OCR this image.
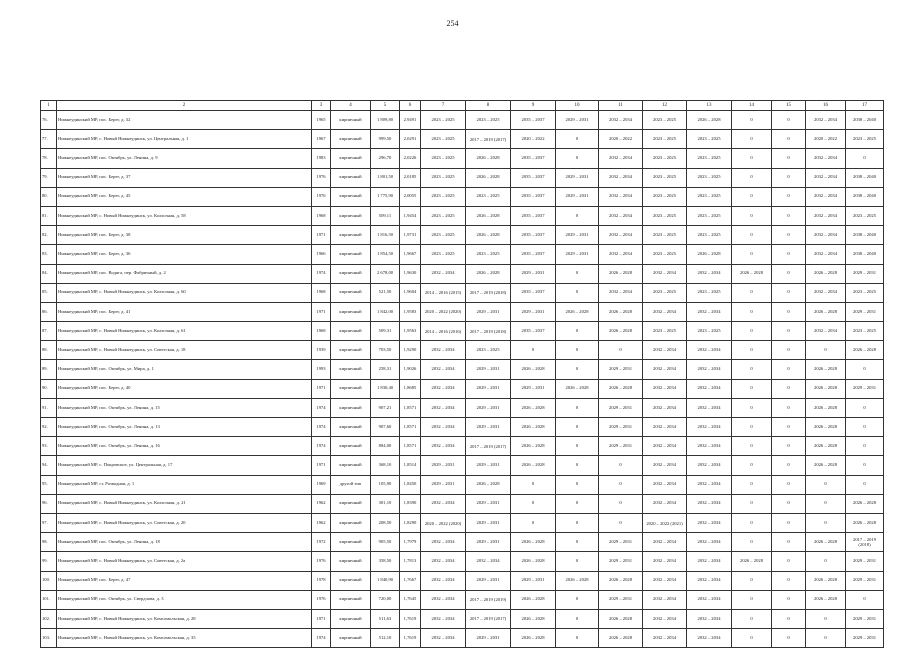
254
1	2	3	4	5	6	7	8	9	10	11	12	13	14	15	16	17
76.	Нижнеудинский МР, пос. Берег, д. 32	1965	кирпичный	1 809,80	2,9491	2023 – 2025	2023 – 2025	2035 – 2037	2029 – 2031	2032 – 2034	2023 – 2025	2026 – 2028	0	0	2032 – 2034	2038 – 2040
77.	Нижнеудинский МР, с. Новый Нижнеудинск, ул. Центральная, д. 1	1967	кирпичный	999,50	2,0291	2023 – 2025	2017 – 2019 (2017)	2020 – 2022	0	2020 – 2022	2023 – 2025	2023 – 2025	0	0	2020 – 2022	2023 – 2025
78.	Нижнеудинский МР, пос. Октябрь, ул. Ленина, д. 9	1983	кирпичный	296,70	2,0226	2023 – 2025	2026 – 2028	2035 – 2037	0	2032 – 2034	2023 – 2025	2023 – 2025	0	0	2032 – 2034	0
79.	Нижнеудинский МР, пос. Берег, д. 37	1976	кирпичный	1 801,50	2,0185	2023 – 2025	2026 – 2028	2035 – 2037	2029 – 2031	2032 – 2034	2023 – 2025	2023 – 2025	0	0	2032 – 2034	2038 – 2040
80.	Нижнеудинский МР, пос. Берег, д. 45	1976	кирпичный	1 775,90	2,0055	2023 – 2025	2023 – 2025	2035 – 2037	2029 – 2031	2032 – 2034	2023 – 2025	2023 – 2025	0	0	2032 – 2034	2038 – 2040
81.	Нижнеудинский МР, с. Новый Нижнеудинск, ул. Колхозная, д. 58	1968	кирпичный	509,11	1,9454	2023 – 2025	2026 – 2028	2035 – 2037	0	2032 – 2034	2023 – 2025	2023 – 2025	0	0	2032 – 2034	2023 – 2025
82.	Нижнеудинский МР, пос. Берег, д. 38	1971	кирпичный	1 816,50	1,9731	2023 – 2025	2026 – 2028	2035 – 2037	2029 – 2031	2032 – 2034	2023 – 2025	2023 – 2025	0	0	2032 – 2034	2038 – 2040
83.	Нижнеудинский МР, пос. Берег, д. 36	1966	кирпичный	1 854,50	1,9667	2023 – 2025	2023 – 2025	2035 – 2037	2029 – 2031	2032 – 2034	2023 – 2025	2026 – 2028	0	0	2032 – 2034	2038 – 2040
84.	Нижнеудинский МР, пос. Водяга, пер. Фабричный, д. 2	1974	кирпичный	2 678,00	1,9630	2032 – 2034	2026 – 2028	2029 – 2031	0	2026 – 2028	2032 – 2034	2032 – 2034	2026 – 2028	0	2026 – 2028	2029 – 2031
85.	Нижнеудинский МР, с. Новый Нижнеудинск, ул. Колхозная, д. 60	1968	кирпичный	521,50	1,9604	2014 – 2016 (2015)	2017 – 2019 (2018)	2035 – 2037	0	2032 – 2034	2023 – 2025	2023 – 2025	0	0	2032 – 2034	2023 – 2025
86.	Нижнеудинский МР, пос. Берег, д. 41	1971	кирпичный	1 842,00	1,9583	2020 – 2022 (2020)	2029 – 2031	2029 – 2031	2026 – 2028	2026 – 2028	2032 – 2034	2032 – 2034	0	0	2026 – 2028	2029 – 2031
87.	Нижнеудинский МР, с. Новый Нижнеудинск, ул. Колхозная, д. 61	1968	кирпичный	509,31	1,9563	2014 – 2016 (2016)	2017 – 2019 (2018)	2035 – 2037	0	2026 – 2028	2023 – 2025	2023 – 2025	0	0	2032 – 2034	2023 – 2025
88.	Нижнеудинский МР, с. Новый Нижнеудинск, ул. Советская, д. 18	1939	кирпичный	703,50	1,9290	2032 – 2034	2023 – 2025	0	0	0	2032 – 2034	2032 – 2034	0	0	0	2026 – 2028
89.	Нижнеудинский МР, пос. Октябрь, ул. Мира, д. 1	1993	кирпичный	258,31	1,9026	2032 – 2034	2029 – 2031	2026 – 2028	0	2029 – 2031	2032 – 2034	2032 – 2034	0	0	2026 – 2028	0
90.	Нижнеудинский МР, пос. Берег, д. 40	1971	кирпичный	1 830,40	1,8685	2032 – 2034	2029 – 2031	2029 – 2031	2026 – 2028	2026 – 2028	2032 – 2034	2032 – 2034	0	0	2026 – 2028	2029 – 2031
91.	Нижнеудинский МР, пос. Октябрь, ул. Ленина, д. 15	1974	кирпичный	907,21	1,8571	2032 – 2034	2029 – 2031	2026 – 2028	0	2029 – 2031	2032 – 2034	2032 – 2034	0	0	2026 – 2028	0
92.	Нижнеудинский МР, пос. Октябрь, ул. Ленина, д. 13	1974	кирпичный	907,60	1,8571	2032 – 2034	2029 – 2031	2026 – 2028	0	2029 – 2031	2032 – 2034	2032 – 2034	0	0	2026 – 2028	0
93.	Нижнеудинский МР, пос. Октябрь, ул. Ленина, д. 16	1974	кирпичный	884,00	1,8571	2032 – 2034	2017 – 2019 (2017)	2026 – 2028	0	2029 – 2031	2032 – 2034	2032 – 2034	0	0	2026 – 2028	0
94.	Нижнеудинский МР, с. Покровское, ул. Центральная, д. 17	1971	кирпичный	368,10	1,8514	2029 – 2031	2029 – 2031	2026 – 2028	0	0	2032 – 2034	2032 – 2034	0	0	2026 – 2028	0
95.	Нижнеудинский МР, ст. Разводная, д. 1	1969	другой тип	105,90	1,8450	2029 – 2031	2026 – 2028	0	0	0	2032 – 2034	2032 – 2034	0	0	0	0
96.	Нижнеудинский МР, с. Новый Нижнеудинск, ул. Колхозная, д. 21	1962	кирпичный	301,10	1,8390	2032 – 2034	2029 – 2031	0	0	0	2032 – 2034	2032 – 2034	0	0	0	2026 – 2028
97.	Нижнеудинский МР, с. Новый Нижнеудинск, ул. Советская, д. 20	1962	кирпичный	208,50	1,8290	2020 – 2022 (2020)	2029 – 2031	0	0	0	2020 – 2022 (2021)	2032 – 2034	0	0	0	2026 – 2028
98.	Нижнеудинский МР, пос. Октябрь, ул. Ленина, д. 18	1972	кирпичный	905,50	1,7979	2032 – 2034	2029 – 2031	2026 – 2028	0	2029 – 2031	2032 – 2034	2032 – 2034	0	0	2026 – 2028	2017 – 2019 (2018)
99.	Нижнеудинский МР, с. Новый Нижнеудинск, ул. Советская, д. 2а	1976	кирпичный	358,50	1,7813	2032 – 2034	2032 – 2034	2026 – 2028	0	2029 – 2031	2032 – 2034	2032 – 2034	2026 – 2028	0	0	2029 – 2031
100.	Нижнеудинский МР, пос. Берег, д. 47	1978	кирпичный	1 840,90	1,7667	2032 – 2034	2029 – 2031	2029 – 2031	2026 – 2028	2026 – 2028	2032 – 2034	2032 – 2034	0	0	2026 – 2028	2029 – 2031
101.	Нижнеудинский МР, пос. Октябрь, ул. Свердлова, д. 3	1976	кирпичный	720,00	1,7645	2032 – 2034	2017 – 2019 (2019)	2026 – 2028	0	2029 – 2031	2032 – 2034	2032 – 2034	0	0	2026 – 2028	0
102.	Нижнеудинский МР, с. Новый Нижнеудинск, ул. Комсомольская, д. 28	1971	кирпичный	511,63	1,7619	2032 – 2034	2017 – 2019 (2017)	2026 – 2028	0	2026 – 2028	2032 – 2034	2032 – 2034	0	0	0	2029 – 2031
103.	Нижнеудинский МР, с. Новый Нижнеудинск, ул. Комсомольская, д. 35	1974	кирпичный	512,10	1,7619	2032 – 2034	2029 – 2031	2026 – 2028	0	2026 – 2028	2032 – 2034	2032 – 2034	0	0	0	2029 – 2031
